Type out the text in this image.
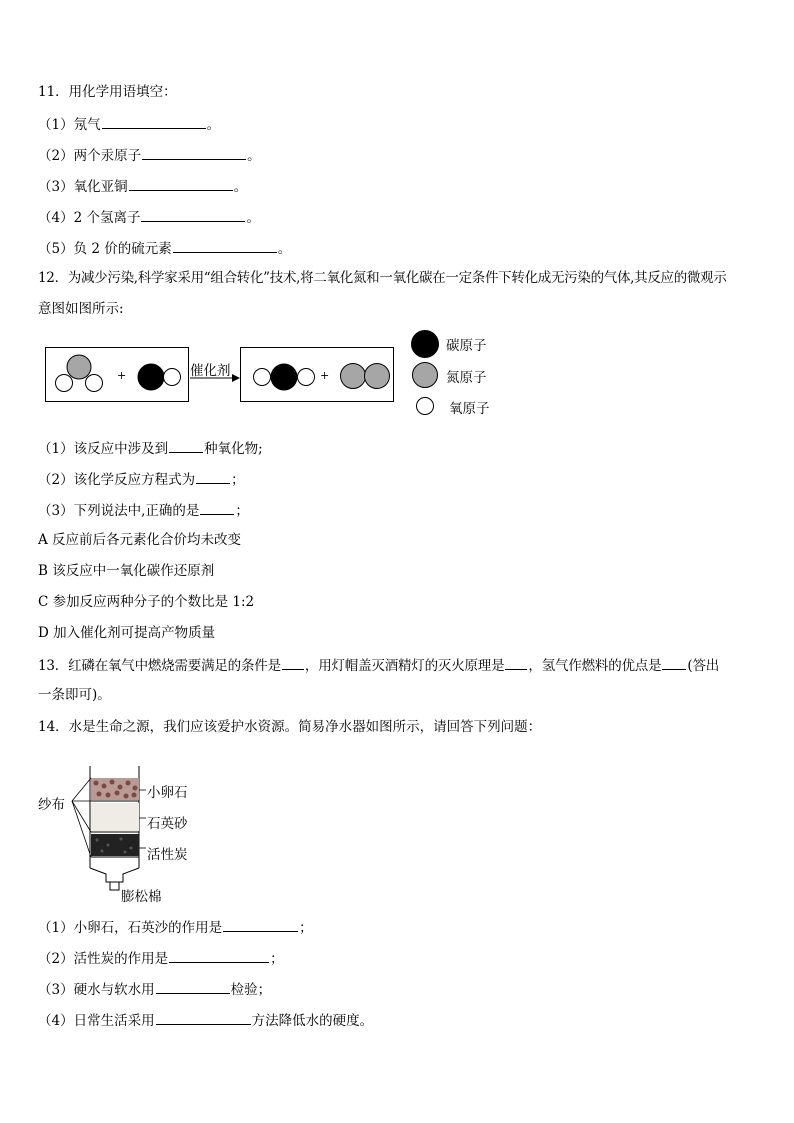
11．用化学用语填空：
（1）氖气	。
（2）两个汞原子	。
（3）氧化亚铜	。
（4）2 个氢离子	。
（5）负 2 价的硫元素	。
12．为减少污染,科学家采用“组合转化”技术,将二氧化氮和一氧化碳在一定条件下转化成无污染的气体,其反应的微观示
意图如图所示:
催化剂
+	+
碳原子
氮原子
氧原子
（1）该反应中涉及到	种氧化物;
（2）该化学反应方程式为	；
（3）下列说法中,正确的是	；
A 反应前后各元素化合价均未改变
B 该反应中一氧化碳作还原剂
C 参加反应两种分子的个数比是 1:2
D 加入催化剂可提高产物质量
13．红磷在氧气中燃烧需要满足的条件是 ，用灯帽盖灭酒精灯的灭火原理是 ，氢气作燃料的优点是 (答出
一条即可)。
14．水是生命之源，我们应该爱护水资源。简易净水器如图所示，请回答下列问题：
纱布
小卵石
石英砂
活性炭
膨松棉
（1）小卵石，石英沙的作用是	；
（2）活性炭的作用是	；
（3）硬水与软水用	检验；
（4）日常生活采用	方法降低水的硬度。
